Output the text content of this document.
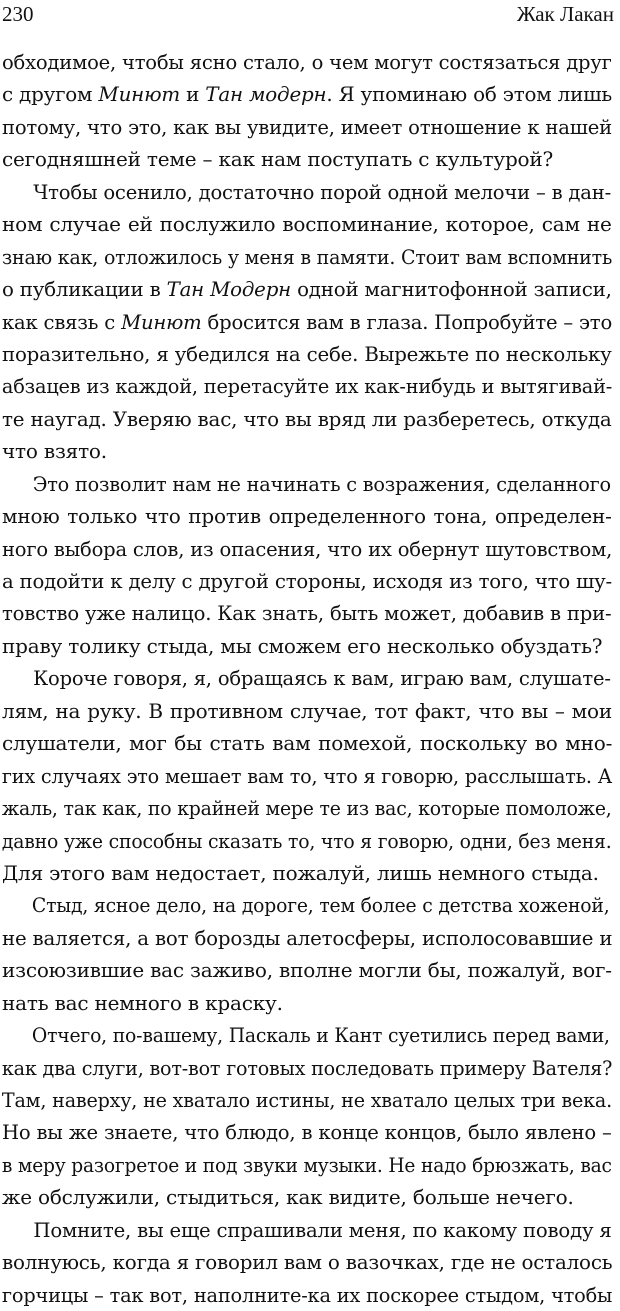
230	Жак Лакан
обходимое, чтобы ясно стало, о чем могут состязаться друг
с другом Минют и Тан модерн. Я упоминаю об этом лишь
потому, что это, как вы увидите, имеет отношение к нашей
сегодняшней теме – как нам поступать с культурой?
Чтобы осенило, достаточно порой одной мелочи – в дан-
ном случае ей послужило воспоминание, которое, сам не
знаю как, отложилось у меня в памяти. Стоит вам вспомнить
о публикации в Тан Модерн одной магнитофонной записи,
как связь с Минют бросится вам в глаза. Попробуйте – это
поразительно, я убедился на себе. Вырежьте по нескольку
абзацев из каждой, перетасуйте их как-нибудь и вытягивай-
те наугад. Уверяю вас, что вы вряд ли разберетесь, откуда
что взято.
Это позволит нам не начинать с возражения, сделанного
мною только что против определенного тона, определен-
ного выбора слов, из опасения, что их обернут шутовством,
а подойти к делу с другой стороны, исходя из того, что шу-
товство уже налицо. Как знать, быть может, добавив в при-
праву толику стыда, мы сможем его несколько обуздать?
Короче говоря, я, обращаясь к вам, играю вам, слушате-
лям, на руку. В противном случае, тот факт, что вы – мои
слушатели, мог бы стать вам помехой, поскольку во мно-
гих случаях это мешает вам то, что я говорю, расслышать. А
жаль, так как, по крайней мере те из вас, которые помоложе,
давно уже способны сказать то, что я говорю, одни, без меня.
Для этого вам недостает, пожалуй, лишь немного стыда.
Стыд, ясное дело, на дороге, тем более с детства хоженой,
не валяется, а вот борозды алетосферы, исполосовавшие и
изсоюзившие вас заживо, вполне могли бы, пожалуй, вог-
нать вас немного в краску.
Отчего, по-вашему, Паскаль и Кант суетились перед вами,
как два слуги, вот-вот готовых последовать примеру Вателя?
Там, наверху, не хватало истины, не хватало целых три века.
Но вы же знаете, что блюдо, в конце концов, было явлено –
в меру разогретое и под звуки музыки. Не надо брюзжать, вас
же обслужили, стыдиться, как видите, больше нечего.
Помните, вы еще спрашивали меня, по какому поводу я
волнуюсь, когда я говорил вам о вазочках, где не осталось
горчицы – так вот, наполните-ка их поскорее стыдом, чтобы
